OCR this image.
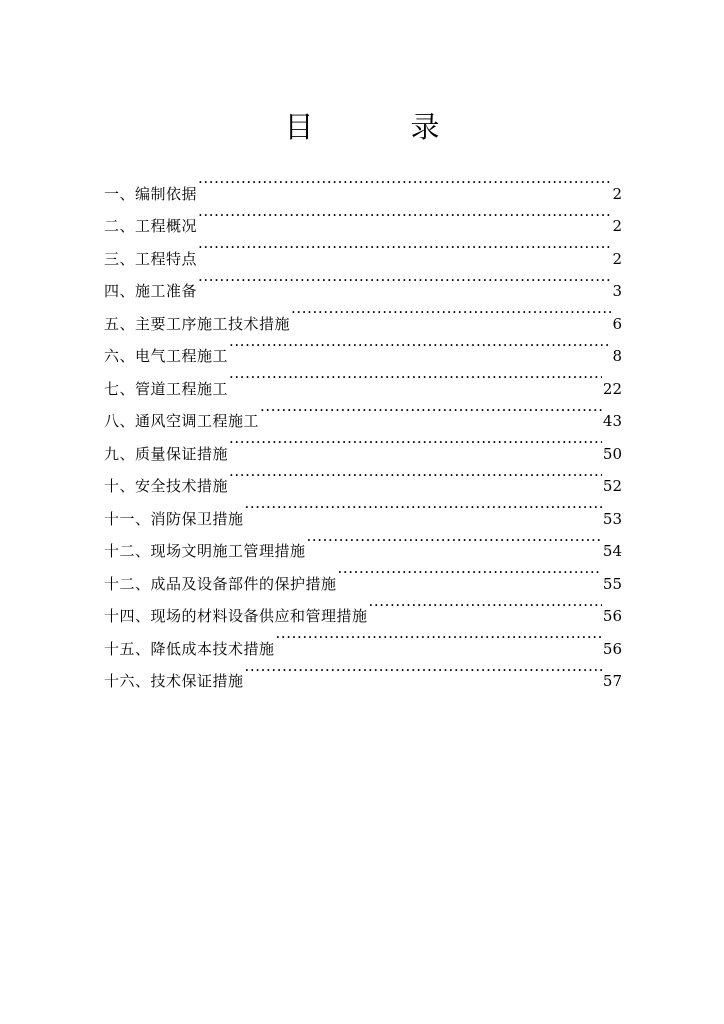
目　录
一、编制依据 ·····	2
二、工程概况 ·····	2
三、工程特点 ·····	2
四、施工准备 ·····	3
五、主要工序施工技术措施 ·····	6
六、电气工程施工 ·····	8
七、管道工程施工 ·····	22
八、通风空调工程施工 ·····	43
九、质量保证措施 ·····	50
十、安全技术措施 ·····	52
十一、消防保卫措施 ·····	53
十二、现场文明施工管理措施 ·····	54
十二、成品及设备部件的保护措施 ·····	55
十四、现场的材料设备供应和管理措施 ·····	56
十五、降低成本技术措施 ·····	56
十六、技术保证措施 ·····	57
